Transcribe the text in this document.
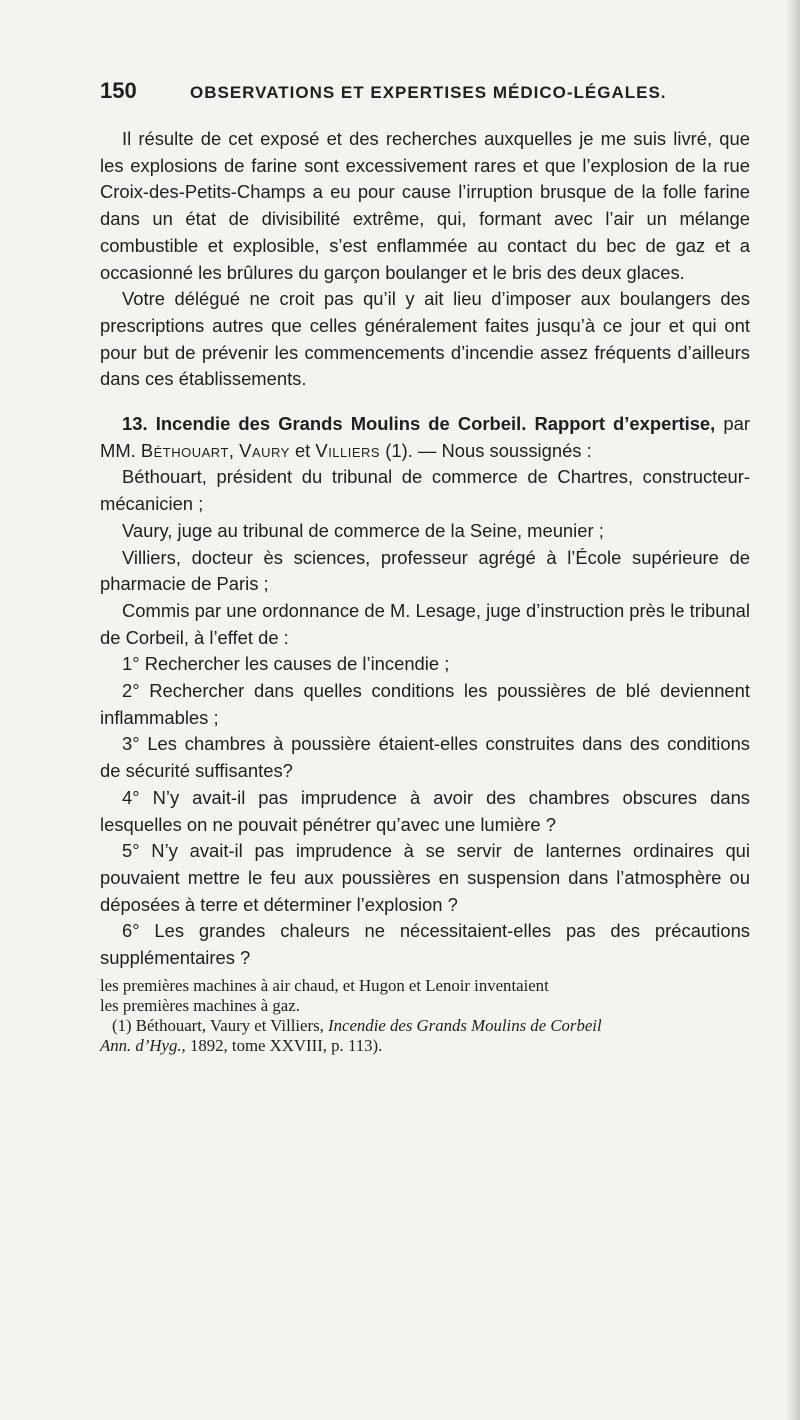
150	OBSERVATIONS ET EXPERTISES MÉDICO-LÉGALES.

Il résulte de cet exposé et des recherches auxquelles je me suis livré, que les explosions de farine sont excessivement rares et que l’explosion de la rue Croix-des-Petits-Champs a eu pour cause l’irruption brusque de la folle farine dans un état de divisibilité extrême, qui, formant avec l’air un mélange combustible et explosible, s’est enflammée au contact du bec de gaz et a occasionné les brûlures du garçon boulanger et le bris des deux glaces.

Votre délégué ne croit pas qu’il y ait lieu d’imposer aux boulangers des prescriptions autres que celles généralement faites jusqu’à ce jour et qui ont pour but de prévenir les commencements d’incendie assez fréquents d’ailleurs dans ces établissements.

13. Incendie des Grands Moulins de Corbeil. Rapport d’expertise, par MM. Béthouart, Vaury et Villiers (1). — Nous soussignés :

Béthouart, président du tribunal de commerce de Chartres, constructeur-mécanicien ;

Vaury, juge au tribunal de commerce de la Seine, meunier ;

Villiers, docteur ès sciences, professeur agrégé à l’École supérieure de pharmacie de Paris ;

Commis par une ordonnance de M. Lesage, juge d’instruction près le tribunal de Corbeil, à l’effet de :

1° Rechercher les causes de l’incendie ;

2° Rechercher dans quelles conditions les poussières de blé deviennent inflammables ;

3° Les chambres à poussière étaient-elles construites dans des conditions de sécurité suffisantes?

4° N’y avait-il pas imprudence à avoir des chambres obscures dans lesquelles on ne pouvait pénétrer qu’avec une lumière ?

5° N’y avait-il pas imprudence à se servir de lanternes ordinaires qui pouvaient mettre le feu aux poussières en suspension dans l’atmosphère ou déposées à terre et déterminer l’explosion ?

6° Les grandes chaleurs ne nécessitaient-elles pas des précautions supplémentaires ?

les premières machines à air chaud, et Hugon et Lenoir inventaient

les premières machines à gaz.

(1) Béthouart, Vaury et Villiers, Incendie des Grands Moulins de Corbeil
Ann. d’Hyg., 1892, tome XXVIII, p. 113).
